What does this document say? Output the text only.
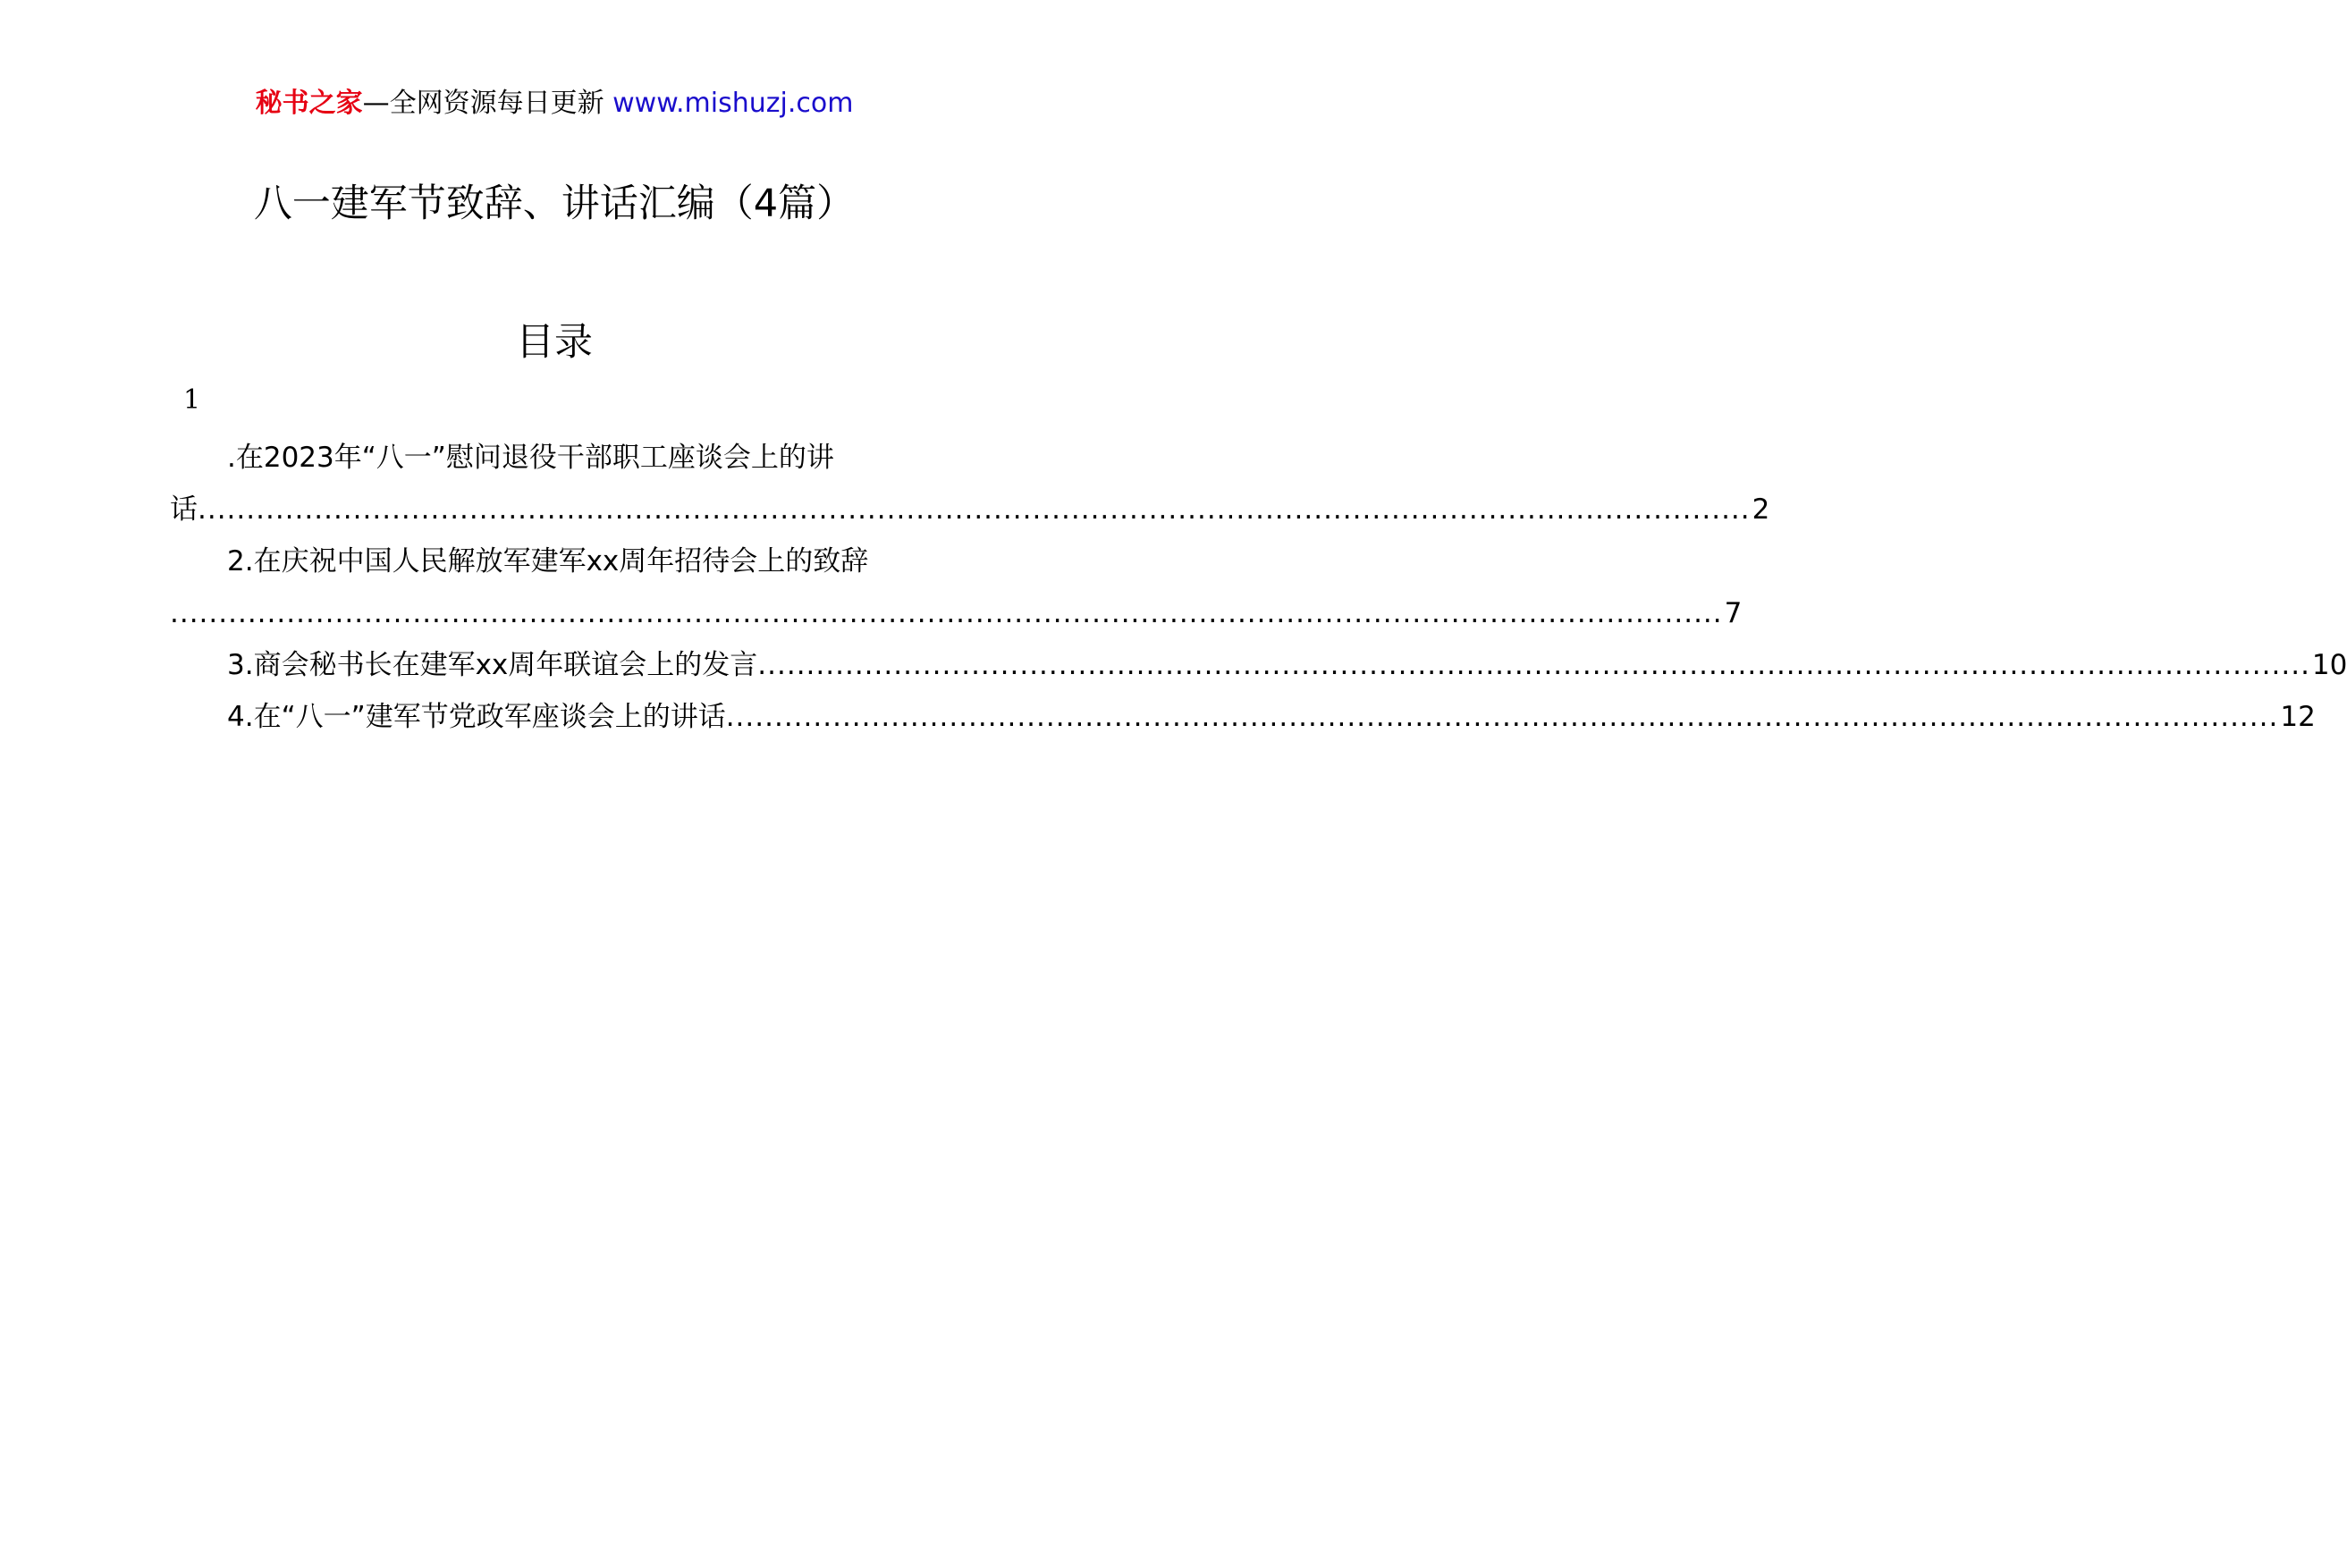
秘书之家—全网资源每日更新 www.mishuzj.com
八一建军节致辞、讲话汇编（4篇）
目录
1
.在2023年“八一”慰问退役干部职工座谈会上的讲
话 ................................................................................................................................................................ 2
2.在庆祝中国人民解放军建军xx周年招待会上的致辞
................................................................................................................................................................ 7
3.商会秘书长在建军xx周年联谊会上的发言 ................................................................................................................................................................ 10
4.在“八一”建军节党政军座谈会上的讲话 ................................................................................................................................................................ 12
